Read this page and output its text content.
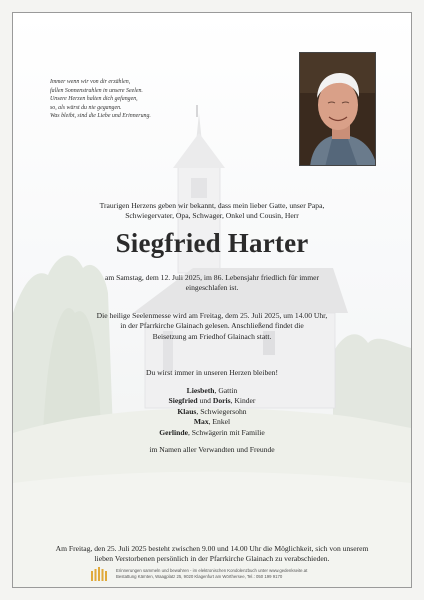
Immer wenn wir von dir erzählen,
fallen Sonnenstrahlen in unsere Seelen.
Unsere Herzen halten dich gefangen,
so, als wärst du nie gegangen.
Was bleibt, sind die Liebe und Erinnerung.
Traurigen Herzens geben wir bekannt, dass mein lieber Gatte, unser Papa,
Schwiegervater, Opa, Schwager, Onkel und Cousin, Herr
Siegfried Harter
am Samstag, dem 12. Juli 2025, im 86. Lebensjahr friedlich für immer
eingeschlafen ist.
Die heilige Seelenmesse wird am Freitag, dem 25. Juli 2025, um 14.00 Uhr,
in der Pfarrkirche Glainach gelesen. Anschließend findet die
Beisetzung am Friedhof Glainach statt.
Du wirst immer in unseren Herzen bleiben!
Liesbeth, Gattin
Siegfried und Doris, Kinder
Klaus, Schwiegersohn
Max, Enkel
Gerlinde, Schwägerin mit Familie
im Namen aller Verwandten und Freunde
Am Freitag, den 25. Juli 2025 besteht zwischen 9.00 und 14.00 Uhr die Möglichkeit, sich von unserem
lieben Verstorbenen persönlich in der Pfarrkirche Glainach zu verabschieden.
Erinnerungen sammeln und bewahren - im elektronischen Kondolenzbuch unter www.gedenkseite.at
Bestattung Kärnten, Waagplatz 25, 9020 Klagenfurt am Wörthersee, Tel.: 050 199 9170
